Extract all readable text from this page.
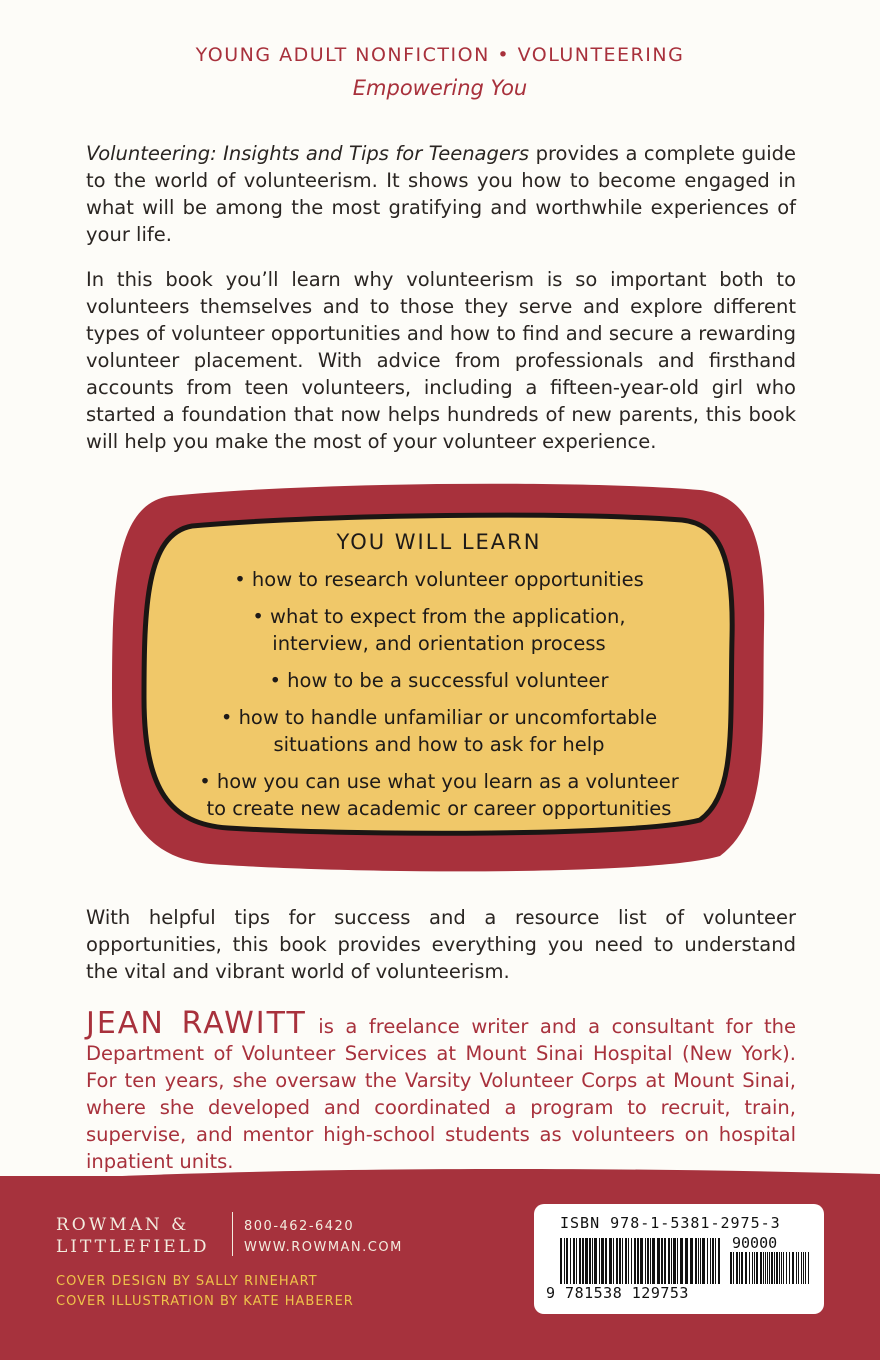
YOUNG ADULT NONFICTION • VOLUNTEERING
Empowering You

Volunteering: Insights and Tips for Teenagers provides a complete guide to the world of volunteerism. It shows you how to become engaged in what will be among the most gratifying and worthwhile experiences of your life.

In this book you’ll learn why volunteerism is so important both to volunteers themselves and to those they serve and explore different types of volunteer opportunities and how to find and secure a rewarding volunteer placement. With advice from professionals and firsthand accounts from teen volunteers, including a fifteen-year-old girl who started a foundation that now helps hundreds of new parents, this book will help you make the most of your volunteer experience.

YOU WILL LEARN
• how to research volunteer opportunities
• what to expect from the application,
interview, and orientation process
• how to be a successful volunteer
• how to handle unfamiliar or uncomfortable
situations and how to ask for help
• how you can use what you learn as a volunteer
to create new academic or career opportunities

With helpful tips for success and a resource list of volunteer opportunities, this book provides everything you need to understand the vital and vibrant world of volunteerism.

JEAN RAWITT is a freelance writer and a consultant for the Department of Volunteer Services at Mount Sinai Hospital (New York). For ten years, she oversaw the Varsity Volunteer Corps at Mount Sinai, where she developed and coordinated a program to recruit, train, supervise, and mentor high-school students as volunteers on hospital inpatient units.

ROWMAN &
LITTLEFIELD
800-462-6420
WWW.ROWMAN.COM
COVER DESIGN BY SALLY RINEHART
COVER ILLUSTRATION BY KATE HABERER
ISBN 978-1-5381-2975-3
90000
9 781538 129753
